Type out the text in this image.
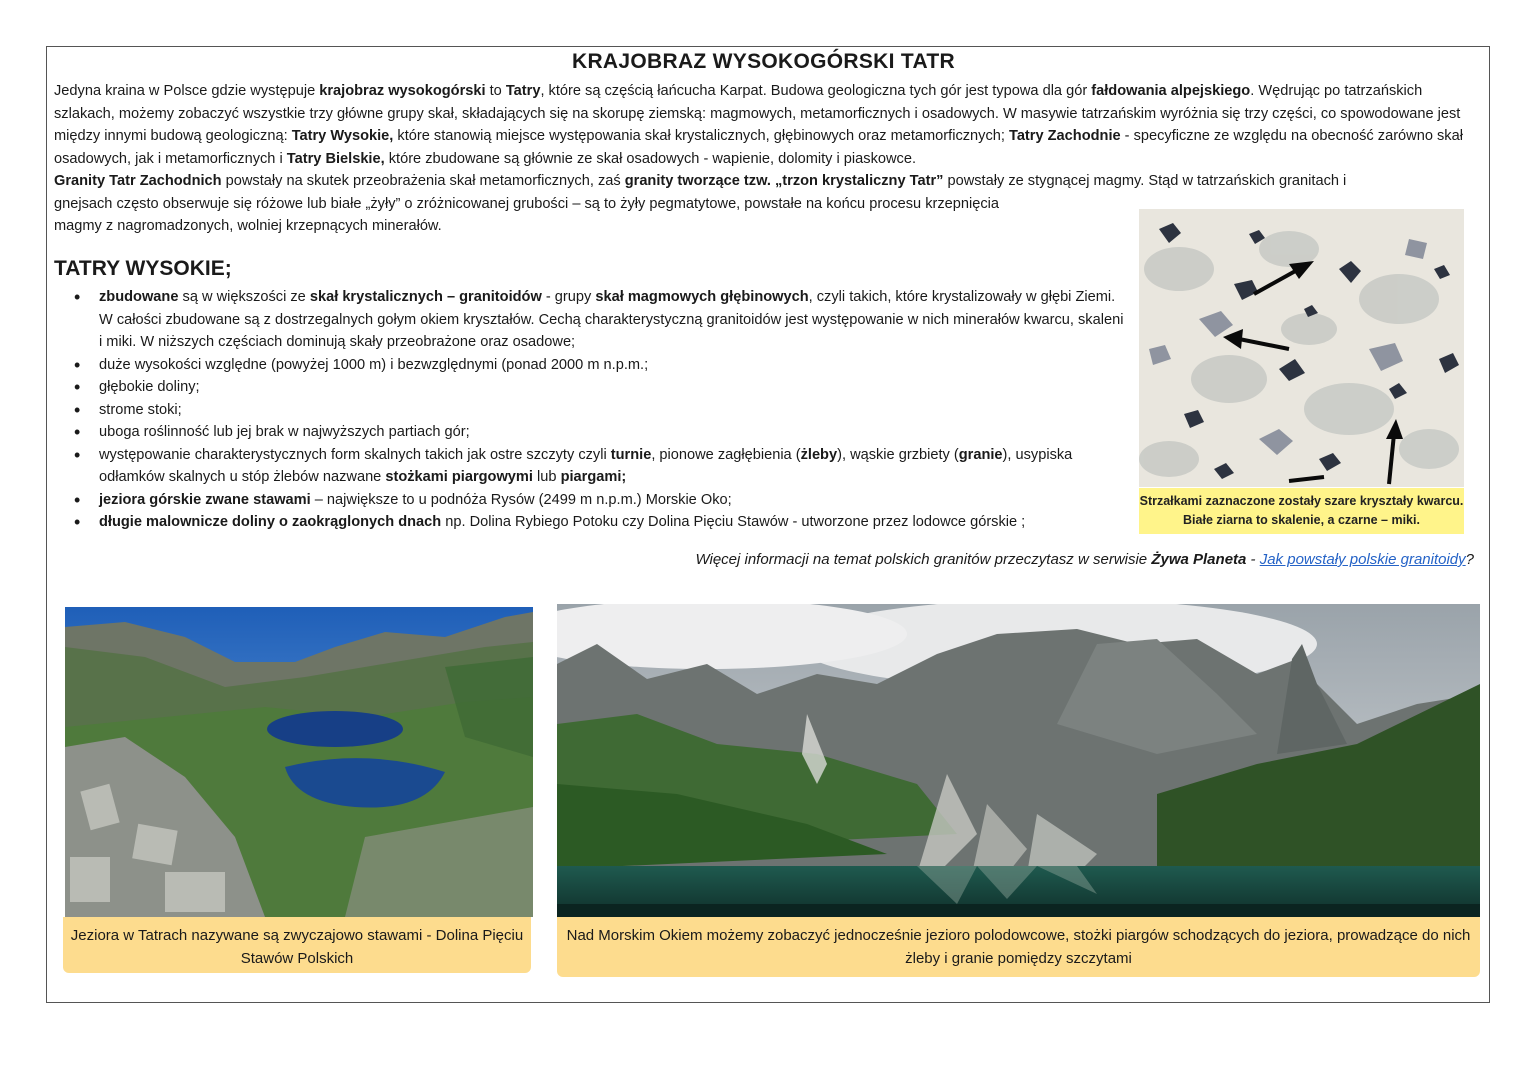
KRAJOBRAZ WYSOKOGÓRSKI TATR

Jedyna kraina w Polsce gdzie występuje krajobraz wysokogórski to Tatry, które są częścią łańcucha Karpat. Budowa geologiczna tych gór jest typowa dla gór fałdowania alpejskiego. Wędrując po tatrzańskich szlakach, możemy zobaczyć wszystkie trzy główne grupy skał, składających się na skorupę ziemską: magmowych, metamorficznych i osadowych. W masywie tatrzańskim wyróżnia się trzy części, co spowodowane jest między innymi budową geologiczną: Tatry Wysokie, które stanowią miejsce występowania skał krystalicznych, głębinowych oraz metamorficznych; Tatry Zachodnie - specyficzne ze względu na obecność zarówno skał osadowych, jak i metamorficznych i Tatry Bielskie, które zbudowane są głównie ze skał osadowych - wapienie, dolomity i piaskowce.

Granity Tatr Zachodnich powstały na skutek przeobrażenia skał metamorficznych, zaś granity tworzące tzw. „trzon krystaliczny Tatr” powstały ze stygnącej magmy. Stąd w tatrzańskich granitach i
gnejsach często obserwuje się różowe lub białe „żyły” o zróżnicowanej grubości – są to żyły pegmatytowe, powstałe na końcu procesu krzepnięcia
magmy z nagromadzonych, wolniej krzepnących minerałów.

TATRY WYSOKIE;
• zbudowane są w większości ze skał krystalicznych – granitoidów - grupy skał magmowych głębinowych, czyli takich, które krystalizowały w głębi Ziemi. W całości zbudowane są z dostrzegalnych gołym okiem kryształów. Cechą charakterystyczną granitoidów jest występowanie w nich minerałów kwarcu, skaleni i miki. W niższych częściach dominują skały przeobrażone oraz osadowe;
• duże wysokości względne (powyżej 1000 m) i bezwzględnymi (ponad 2000 m n.p.m.;
• głębokie doliny;
• strome stoki;
• uboga roślinność lub jej brak w najwyższych partiach gór;
• występowanie charakterystycznych form skalnych takich jak ostre szczyty czyli turnie, pionowe zagłębienia (żleby), wąskie grzbiety (granie), usypiska odłamków skalnych u stóp żlebów nazwane stożkami piargowymi lub piargami;
• jeziora górskie zwane stawami – największe to u podnóża Rysów (2499 m n.p.m.) Morskie Oko;
• długie malownicze doliny o zaokrąglonych dnach np. Dolina Rybiego Potoku czy Dolina Pięciu Stawów - utworzone przez lodowce górskie ;
Strzałkami zaznaczone zostały szare kryształy kwarcu. Białe ziarna to skalenie, a czarne – miki.
Więcej informacji na temat polskich granitów przeczytasz w serwisie Żywa Planeta - Jak powstały polskie granitoidy?
Jeziora w Tatrach nazywane są zwyczajowo stawami - Dolina Pięciu Stawów Polskich
Nad Morskim Okiem możemy zobaczyć jednocześnie jezioro polodowcowe, stożki piargów schodzących do jeziora, prowadzące do nich żleby i granie pomiędzy szczytami
